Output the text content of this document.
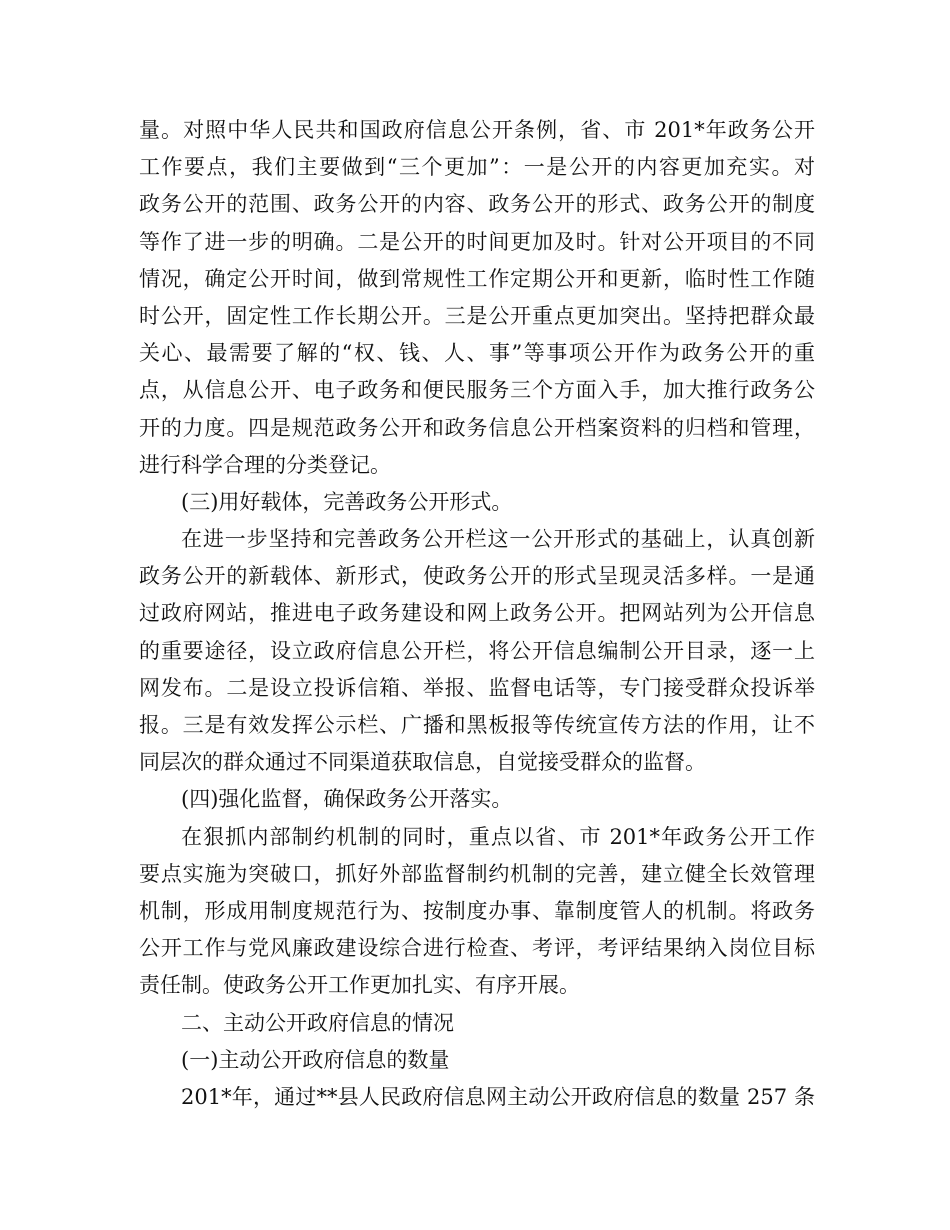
量。对照中华人民共和国政府信息公开条例，省、市 201*年政务公开
工作要点，我们主要做到“三个更加”：一是公开的内容更加充实。对
政务公开的范围、政务公开的内容、政务公开的形式、政务公开的制度
等作了进一步的明确。二是公开的时间更加及时。针对公开项目的不同
情况，确定公开时间，做到常规性工作定期公开和更新，临时性工作随
时公开，固定性工作长期公开。三是公开重点更加突出。坚持把群众最
关心、最需要了解的“权、钱、人、事”等事项公开作为政务公开的重
点，从信息公开、电子政务和便民服务三个方面入手，加大推行政务公
开的力度。四是规范政务公开和政务信息公开档案资料的归档和管理，
进行科学合理的分类登记。
(三)用好载体，完善政务公开形式。
在进一步坚持和完善政务公开栏这一公开形式的基础上，认真创新
政务公开的新载体、新形式，使政务公开的形式呈现灵活多样。一是通
过政府网站，推进电子政务建设和网上政务公开。把网站列为公开信息
的重要途径，设立政府信息公开栏，将公开信息编制公开目录，逐一上
网发布。二是设立投诉信箱、举报、监督电话等，专门接受群众投诉举
报。三是有效发挥公示栏、广播和黑板报等传统宣传方法的作用，让不
同层次的群众通过不同渠道获取信息，自觉接受群众的监督。
(四)强化监督，确保政务公开落实。
在狠抓内部制约机制的同时，重点以省、市 201*年政务公开工作
要点实施为突破口，抓好外部监督制约机制的完善，建立健全长效管理
机制，形成用制度规范行为、按制度办事、靠制度管人的机制。将政务
公开工作与党风廉政建设综合进行检查、考评，考评结果纳入岗位目标
责任制。使政务公开工作更加扎实、有序开展。
二、主动公开政府信息的情况
(一)主动公开政府信息的数量
201*年，通过**县人民政府信息网主动公开政府信息的数量 257 条
